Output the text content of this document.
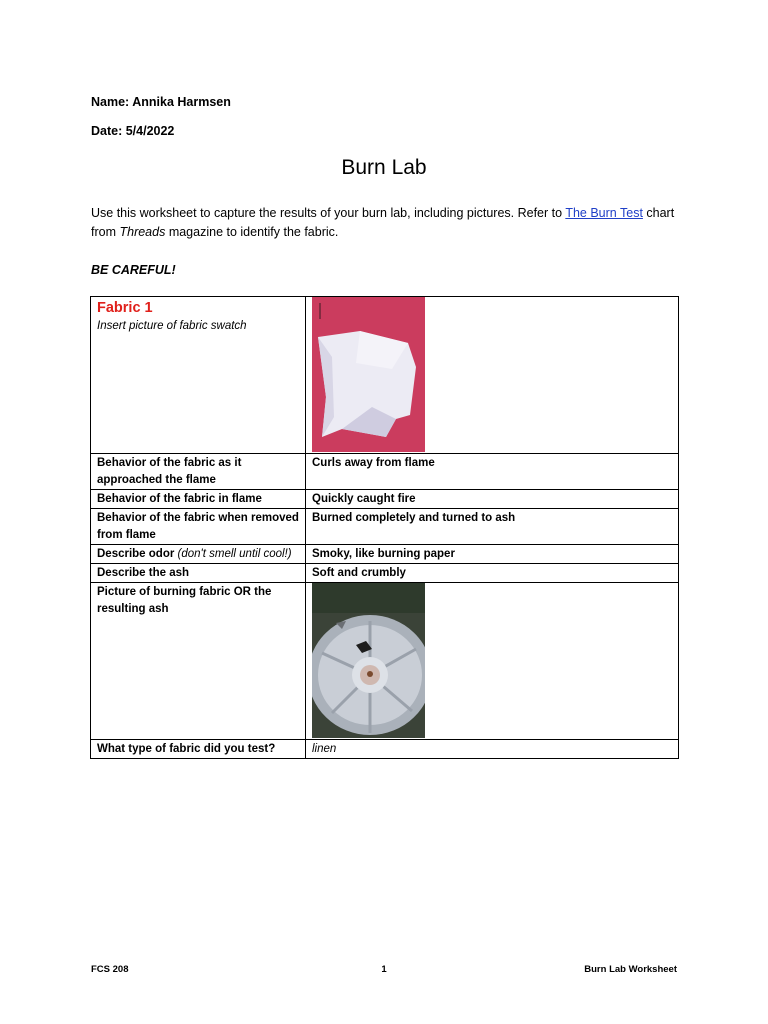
Name: Annika Harmsen
Date: 5/4/2022
Burn Lab
Use this worksheet to capture the results of your burn lab, including pictures. Refer to The Burn Test chart from Threads magazine to identify the fabric.
BE CAREFUL!
Fabric 1
Insert picture of fabric swatch

Behavior of the fabric as it approached the flame	Curls away from flame
Behavior of the fabric in flame	Quickly caught fire
Behavior of the fabric when removed from flame	Burned completely and turned to ash
Describe odor (don't smell until cool!)	Smoky, like burning paper
Describe the ash	Soft and crumbly
Picture of burning fabric OR the resulting ash	

What type of fabric did you test?	linen
FCS 208	1	Burn Lab Worksheet
